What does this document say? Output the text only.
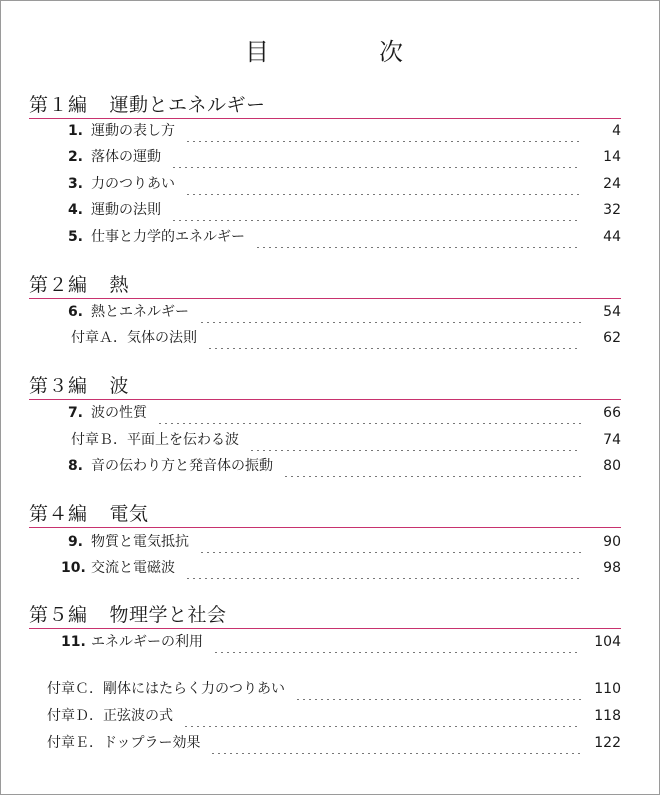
目	次
第１編 運動とエネルギー
第２編 熱
第３編 波
第４編 電気
第５編 物理学と社会
1. 運動の表し方	4
2. 落体の運動	14
3. 力のつりあい	24
4. 運動の法則	32
5. 仕事と力学的エネルギー	44
6. 熱とエネルギー	54
付章Ａ．気体の法則	62
7. 波の性質	66
付章Ｂ．平面上を伝わる波	74
8. 音の伝わり方と発音体の振動	80
9. 物質と電気抵抗	90
10. 交流と電磁波	98
11. エネルギーの利用	104
付章Ｃ．剛体にはたらく力のつりあい	110
付章Ｄ．正弦波の式	118
付章Ｅ．ドップラー効果	122
